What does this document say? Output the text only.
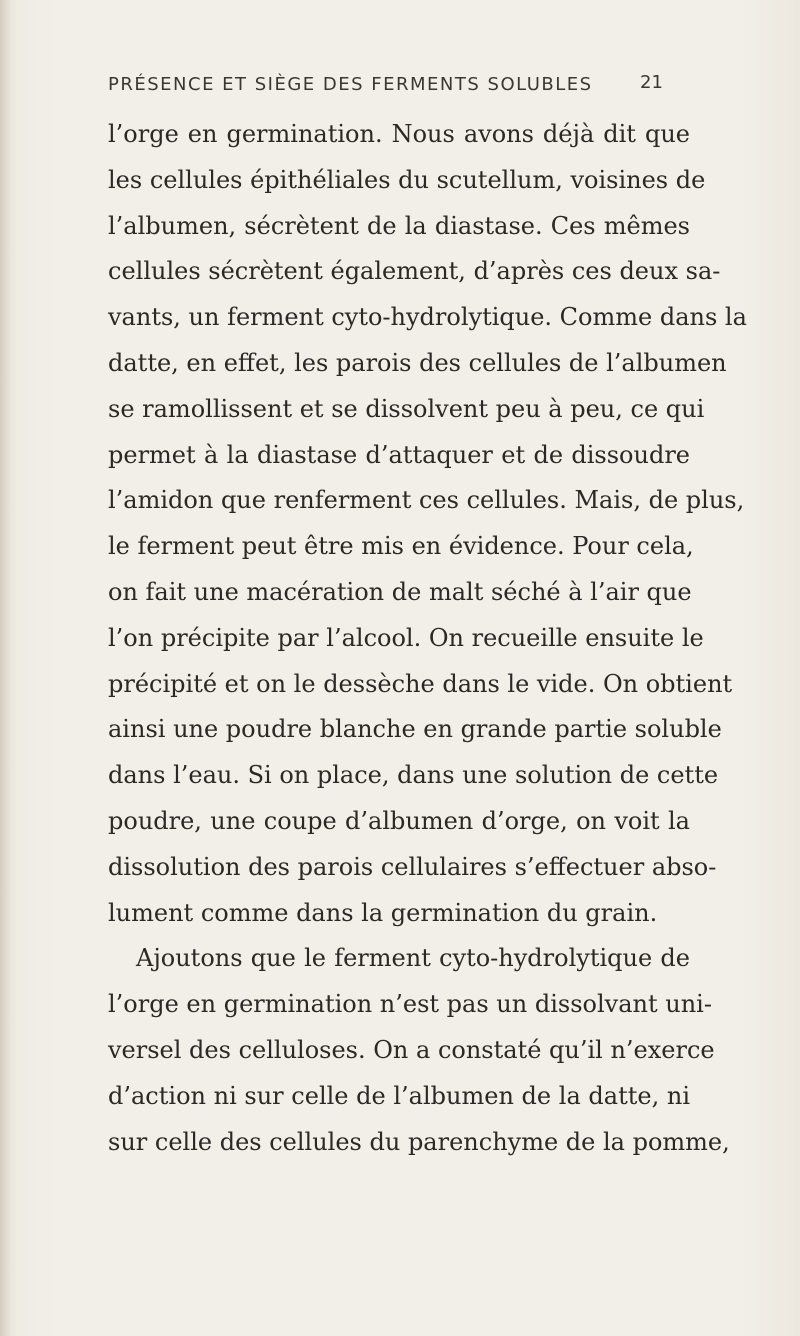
PRÉSENCE ET SIÈGE DES FERMENTS SOLUBLES	21
l’orge en germination. Nous avons déjà dit que
les cellules épithéliales du scutellum, voisines de
l’albumen, sécrètent de la diastase. Ces mêmes
cellules sécrètent également, d’après ces deux sa-
vants, un ferment cyto-hydrolytique. Comme dans la
datte, en effet, les parois des cellules de l’albumen
se ramollissent et se dissolvent peu à peu, ce qui
permet à la diastase d’attaquer et de dissoudre
l’amidon que renferment ces cellules. Mais, de plus,
le ferment peut être mis en évidence. Pour cela,
on fait une macération de malt séché à l’air que
l’on précipite par l’alcool. On recueille ensuite le
précipité et on le dessèche dans le vide. On obtient
ainsi une poudre blanche en grande partie soluble
dans l’eau. Si on place, dans une solution de cette
poudre, une coupe d’albumen d’orge, on voit la
dissolution des parois cellulaires s’effectuer abso-
lument comme dans la germination du grain.
Ajoutons que le ferment cyto-hydrolytique de
l’orge en germination n’est pas un dissolvant uni-
versel des celluloses. On a constaté qu’il n’exerce
d’action ni sur celle de l’albumen de la datte, ni
sur celle des cellules du parenchyme de la pomme,
